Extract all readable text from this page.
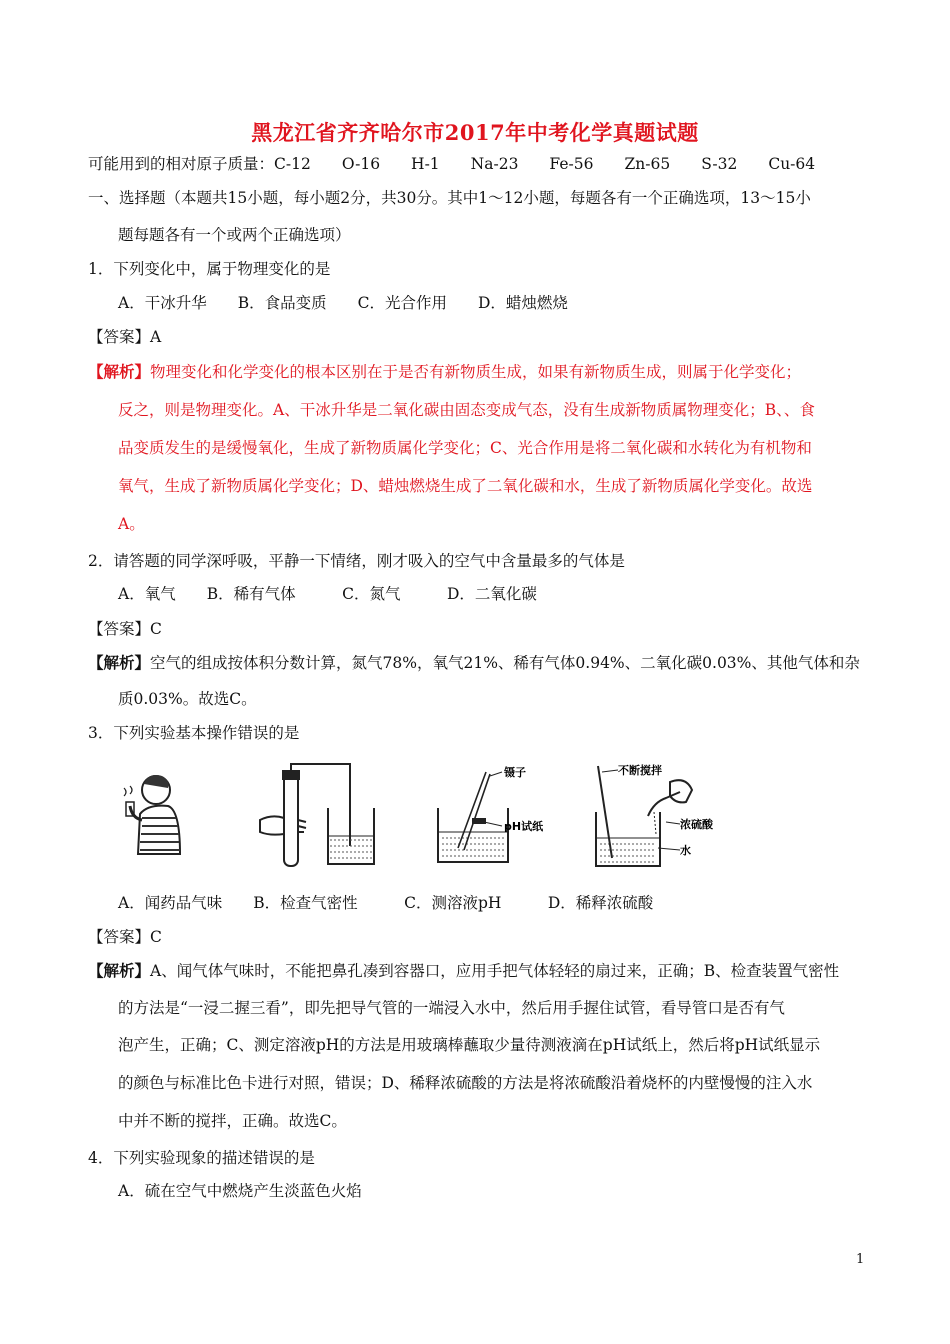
黑龙江省齐齐哈尔市2017年中考化学真题试题
可能用到的相对原子质量：C-12　　O-16　　H-1　　Na-23　　Fe-56　　Zn-65　　S-32　　Cu-64
一、选择题（本题共15小题，每小题2分，共30分。其中1～12小题，每题各有一个正确选项，13～15小
题每题各有一个或两个正确选项）
1．下列变化中，属于物理变化的是
A．干冰升华　　B．食品变质　　C．光合作用　　D．蜡烛燃烧
【答案】A
【解析】物理变化和化学变化的根本区别在于是否有新物质生成，如果有新物质生成，则属于化学变化；
反之，则是物理变化。A、干冰升华是二氧化碳由固态变成气态，没有生成新物质属物理变化；B、、食
品变质发生的是缓慢氧化，生成了新物质属化学变化；C、光合作用是将二氧化碳和水转化为有机物和
氧气，生成了新物质属化学变化；D、蜡烛燃烧生成了二氧化碳和水，生成了新物质属化学变化。故选
A。
2．请答题的同学深呼吸，平静一下情绪，刚才吸入的空气中含量最多的气体是
A．氧气　　B．稀有气体　　　C．氮气　　　D．二氧化碳
【答案】C
【解析】空气的组成按体积分数计算，氮气78%，氧气21%、稀有气体0.94%、二氧化碳0.03%、其他气体和杂
质0.03%。故选C。
3．下列实验基本操作错误的是
镊子
pH试纸
不断搅拌
浓硫酸
水
A．闻药品气味　　B．检查气密性　　　C．测溶液pH　　　D．稀释浓硫酸
【答案】C
【解析】A、闻气体气味时，不能把鼻孔凑到容器口，应用手把气体轻轻的扇过来，正确；B、检查装置气密性
的方法是“一浸二握三看”，即先把导气管的一端浸入水中，然后用手握住试管，看导管口是否有气
泡产生，正确；C、测定溶液pH的方法是用玻璃棒蘸取少量待测液滴在pH试纸上，然后将pH试纸显示
的颜色与标准比色卡进行对照，错误；D、稀释浓硫酸的方法是将浓硫酸沿着烧杯的内壁慢慢的注入水
中并不断的搅拌，正确。故选C。
4．下列实验现象的描述错误的是
A．硫在空气中燃烧产生淡蓝色火焰
1
